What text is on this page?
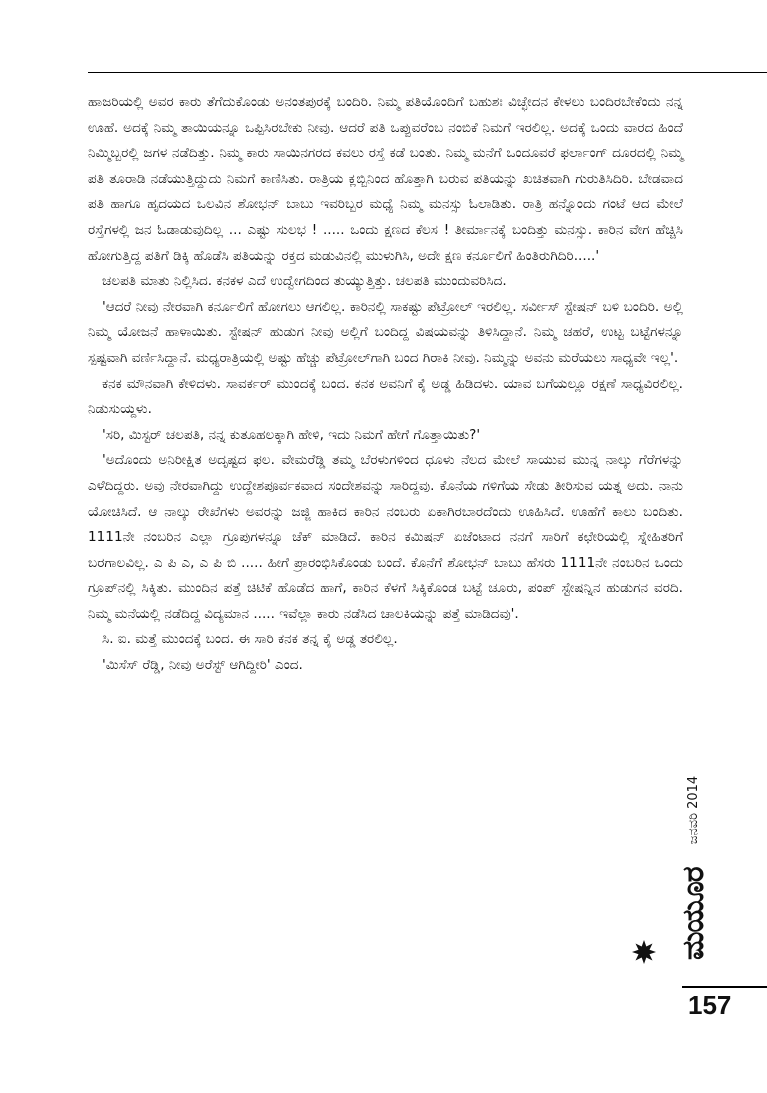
ಹಾಜರಿಯಲ್ಲಿ ಅವರ ಕಾರು ತೆಗೆದುಕೊಂಡು ಅನಂತಪುರಕ್ಕೆ ಬಂದಿರಿ. ನಿಮ್ಮ ಪತಿಯೊಂದಿಗೆ ಬಹುಶಃ ವಿಚ್ಛೇದನ ಕೇಳಲು ಬಂದಿರಬೇಕೆಂದು ನನ್ನ ಊಹೆ. ಅದಕ್ಕೆ ನಿಮ್ಮ ತಾಯಿಯನ್ನೂ ಒಪ್ಪಿಸಿರಬೇಕು ನೀವು. ಆದರೆ ಪತಿ ಒಪ್ಪುವರೆಂಬ ನಂಬಿಕೆ ನಿಮಗೆ ಇರಲಿಲ್ಲ. ಅದಕ್ಕೆ ಒಂದು ವಾರದ ಹಿಂದೆ ನಿಮ್ಮಿಬ್ಬರಲ್ಲಿ ಜಗಳ ನಡೆದಿತ್ತು. ನಿಮ್ಮ ಕಾರು ಸಾಯಿನಗರದ ಕವಲು ರಸ್ತೆ ಕಡೆ ಬಂತು. ನಿಮ್ಮ ಮನೆಗೆ ಒಂದೂವರೆ ಫರ್ಲಾಂಗ್ ದೂರದಲ್ಲಿ ನಿಮ್ಮ ಪತಿ ತೂರಾಡಿ ನಡೆಯುತ್ತಿದ್ದುದು ನಿಮಗೆ ಕಾಣಿಸಿತು. ರಾತ್ರಿಯ ಕ್ಲಬ್ಬಿನಿಂದ ಹೊತ್ತಾಗಿ ಬರುವ ಪತಿಯನ್ನು ಖಚಿತವಾಗಿ ಗುರುತಿಸಿದಿರಿ. ಬೇಡವಾದ ಪತಿ ಹಾಗೂ ಹೃದಯದ ಒಲವಿನ ಶೋಭನ್ ಬಾಬು ಇವರಿಬ್ಬರ ಮಧ್ಯೆ ನಿಮ್ಮ ಮನಸ್ಸು ಓಲಾಡಿತು. ರಾತ್ರಿ ಹನ್ನೊಂದು ಗಂಟೆ ಆದ ಮೇಲೆ ರಸ್ತೆಗಳಲ್ಲಿ ಜನ ಓಡಾಡುವುದಿಲ್ಲ ... ಎಷ್ಟು ಸುಲಭ ! ..... ಒಂದು ಕ್ಷಣದ ಕೆಲಸ ! ತೀರ್ಮಾನಕ್ಕೆ ಬಂದಿತ್ತು ಮನಸ್ಸು. ಕಾರಿನ ವೇಗ ಹೆಚ್ಚಿಸಿ ಹೋಗುತ್ತಿದ್ದ ಪತಿಗೆ ಡಿಕ್ಕಿ ಹೊಡೆಸಿ ಪತಿಯನ್ನು ರಕ್ತದ ಮಡುವಿನಲ್ಲಿ ಮುಳುಗಿಸಿ, ಅದೇ ಕ್ಷಣ ಕರ್ನೂಲಿಗೆ ಹಿಂತಿರುಗಿದಿರಿ.....'

ಚಲಪತಿ ಮಾತು ನಿಲ್ಲಿಸಿದ. ಕನಕಳ ಎದೆ ಉದ್ವೇಗದಿಂದ ತುಯ್ಯುತ್ತಿತ್ತು. ಚಲಪತಿ ಮುಂದುವರಿಸಿದ.

'ಆದರೆ ನೀವು ನೇರವಾಗಿ ಕರ್ನೂಲಿಗೆ ಹೋಗಲು ಆಗಲಿಲ್ಲ. ಕಾರಿನಲ್ಲಿ ಸಾಕಷ್ಟು ಪೆಟ್ರೋಲ್ ಇರಲಿಲ್ಲ. ಸರ್ವೀಸ್ ಸ್ಟೇಷನ್ ಬಳಿ ಬಂದಿರಿ. ಅಲ್ಲಿ ನಿಮ್ಮ ಯೋಜನೆ ಹಾಳಾಯಿತು. ಸ್ಟೇಷನ್ ಹುಡುಗ ನೀವು ಅಲ್ಲಿಗೆ ಬಂದಿದ್ದ ವಿಷಯವನ್ನು ತಿಳಿಸಿದ್ದಾನೆ. ನಿಮ್ಮ ಚಹರೆ, ಉಟ್ಟ ಬಟ್ಟೆಗಳನ್ನೂ ಸ್ಪಷ್ಟವಾಗಿ ವರ್ಣಿಸಿದ್ದಾನೆ. ಮಧ್ಯರಾತ್ರಿಯಲ್ಲಿ ಅಷ್ಟು ಹೆಚ್ಚು ಪೆಟ್ರೋಲ್‌ಗಾಗಿ ಬಂದ ಗಿರಾಕಿ ನೀವು. ನಿಮ್ಮನ್ನು ಅವನು ಮರೆಯಲು ಸಾಧ್ಯವೇ ಇಲ್ಲ'.

ಕನಕ ಮೌನವಾಗಿ ಕೇಳಿದಳು. ಸಾವರ್ಕರ್ ಮುಂದಕ್ಕೆ ಬಂದ. ಕನಕ ಅವನಿಗೆ ಕೈ ಅಡ್ಡ ಹಿಡಿದಳು. ಯಾವ ಬಗೆಯಲ್ಲೂ ರಕ್ಷಣೆ ಸಾಧ್ಯವಿರಲಿಲ್ಲ. ನಿಡುಸುಯ್ದಳು.

'ಸರಿ, ಮಿಸ್ಟರ್ ಚಲಪತಿ, ನನ್ನ ಕುತೂಹಲಕ್ಕಾಗಿ ಹೇಳಿ, ಇದು ನಿಮಗೆ ಹೇಗೆ ಗೊತ್ತಾಯಿತು?'

'ಅದೊಂದು ಅನಿರೀಕ್ಷಿತ ಅದೃಷ್ಟದ ಫಲ. ವೇಮರೆಡ್ಡಿ ತಮ್ಮ ಬೆರಳುಗಳಿಂದ ಧೂಳು ನೆಲದ ಮೇಲೆ ಸಾಯುವ ಮುನ್ನ ನಾಲ್ಕು ಗೆರೆಗಳನ್ನು ಎಳೆದಿದ್ದರು. ಅವು ನೇರವಾಗಿದ್ದು ಉದ್ದೇಶಪೂರ್ವಕವಾದ ಸಂದೇಶವನ್ನು ಸಾರಿದ್ದವು. ಕೊನೆಯ ಗಳಿಗೆಯ ಸೇಡು ತೀರಿಸುವ ಯತ್ನ ಅದು. ನಾನು ಯೋಚಿಸಿದೆ. ಆ ನಾಲ್ಕು ರೇಖೆಗಳು ಅವರನ್ನು ಜಜ್ಜಿ ಹಾಕಿದ ಕಾರಿನ ನಂಬರು ಏಕಾಗಿರಬಾರದೆಂದು ಊಹಿಸಿದೆ. ಊಹೆಗೆ ಕಾಲು ಬಂದಿತು. 1111ನೇ ನಂಬರಿನ ಎಲ್ಲಾ ಗ್ರೂಪುಗಳನ್ನೂ ಚೆಕ್ ಮಾಡಿದೆ. ಕಾರಿನ ಕಮಿಷನ್ ಏಜೆಂಟಾದ ನನಗೆ ಸಾರಿಗೆ ಕಛೇರಿಯಲ್ಲಿ ಸ್ನೇಹಿತರಿಗೆ ಬರಗಾಲವಿಲ್ಲ. ಎ ಪಿ ಎ, ಎ ಪಿ ಬಿ ..... ಹೀಗೆ ಪ್ರಾರಂಭಿಸಿಕೊಂಡು ಬಂದೆ. ಕೊನೆಗೆ ಶೋಭನ್ ಬಾಬು ಹೆಸರು 1111ನೇ ನಂಬರಿನ ಒಂದು ಗ್ರೂಪ್‌ನಲ್ಲಿ ಸಿಕ್ಕಿತು. ಮುಂದಿನ ಪತ್ತೆ ಚಿಟಿಕೆ ಹೊಡೆದ ಹಾಗೆ, ಕಾರಿನ ಕೆಳಗೆ ಸಿಕ್ಕಿಕೊಂಡ ಬಟ್ಟೆ ಚೂರು, ಪಂಪ್ ಸ್ಟೇಷನ್ನಿನ ಹುಡುಗನ ವರದಿ. ನಿಮ್ಮ ಮನೆಯಲ್ಲಿ ನಡೆದಿದ್ದ ವಿದ್ಯಮಾನ ..... ಇವೆಲ್ಲಾ ಕಾರು ನಡೆಸಿದ ಚಾಲಕಿಯನ್ನು ಪತ್ತೆ ಮಾಡಿದವು'.

ಸಿ. ಐ. ಮತ್ತೆ ಮುಂದಕ್ಕೆ ಬಂದ. ಈ ಸಾರಿ ಕನಕ ತನ್ನ ಕೈ ಅಡ್ಡ ತರಲಿಲ್ಲ.

'ಮಿಸೆಸ್ ರೆಡ್ಡಿ, ನೀವು ಅರೆಸ್ಟ್ ಆಗಿದ್ದೀರಿ' ಎಂದ.

ಮಯೂರ ಜನವರಿ 2014
157
